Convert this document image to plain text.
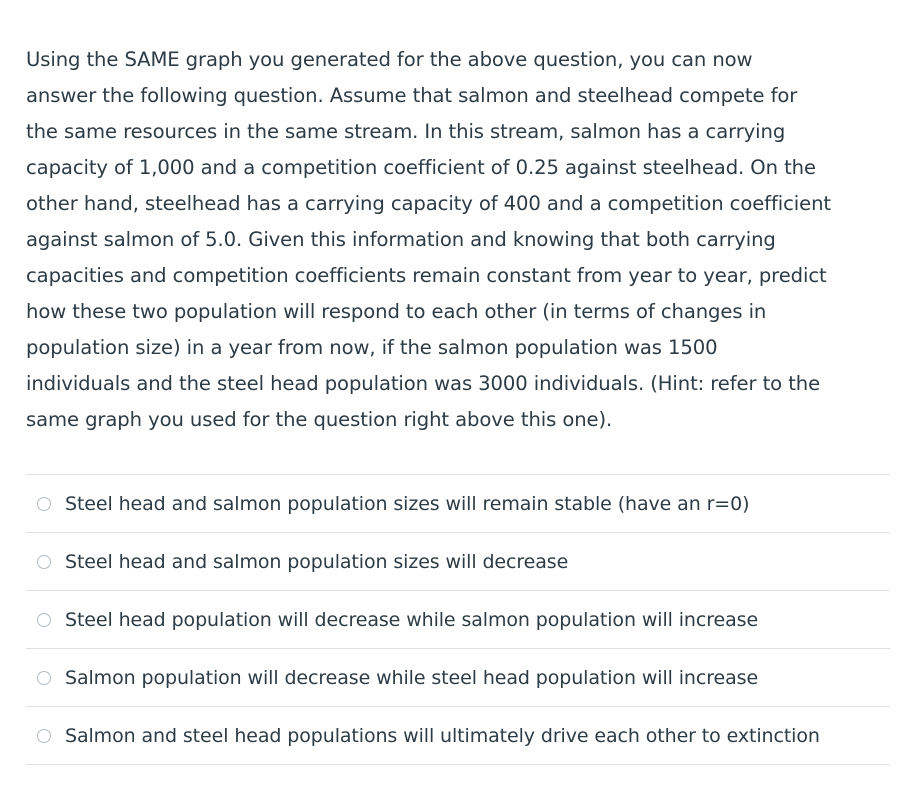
Using the SAME graph you generated for the above question, you can now
answer the following question. Assume that salmon and steelhead compete for
the same resources in the same stream. In this stream, salmon has a carrying
capacity of 1,000 and a competition coefficient of 0.25 against steelhead. On the
other hand, steelhead has a carrying capacity of 400 and a competition coefficient
against salmon of 5.0. Given this information and knowing that both carrying
capacities and competition coefficients remain constant from year to year, predict
how these two population will respond to each other (in terms of changes in
population size) in a year from now, if the salmon population was 1500
individuals and the steel head population was 3000 individuals. (Hint: refer to the
same graph you used for the question right above this one).
Steel head and salmon population sizes will remain stable (have an r=0)
Steel head and salmon population sizes will decrease
Steel head population will decrease while salmon population will increase
Salmon population will decrease while steel head population will increase
Salmon and steel head populations will ultimately drive each other to extinction
